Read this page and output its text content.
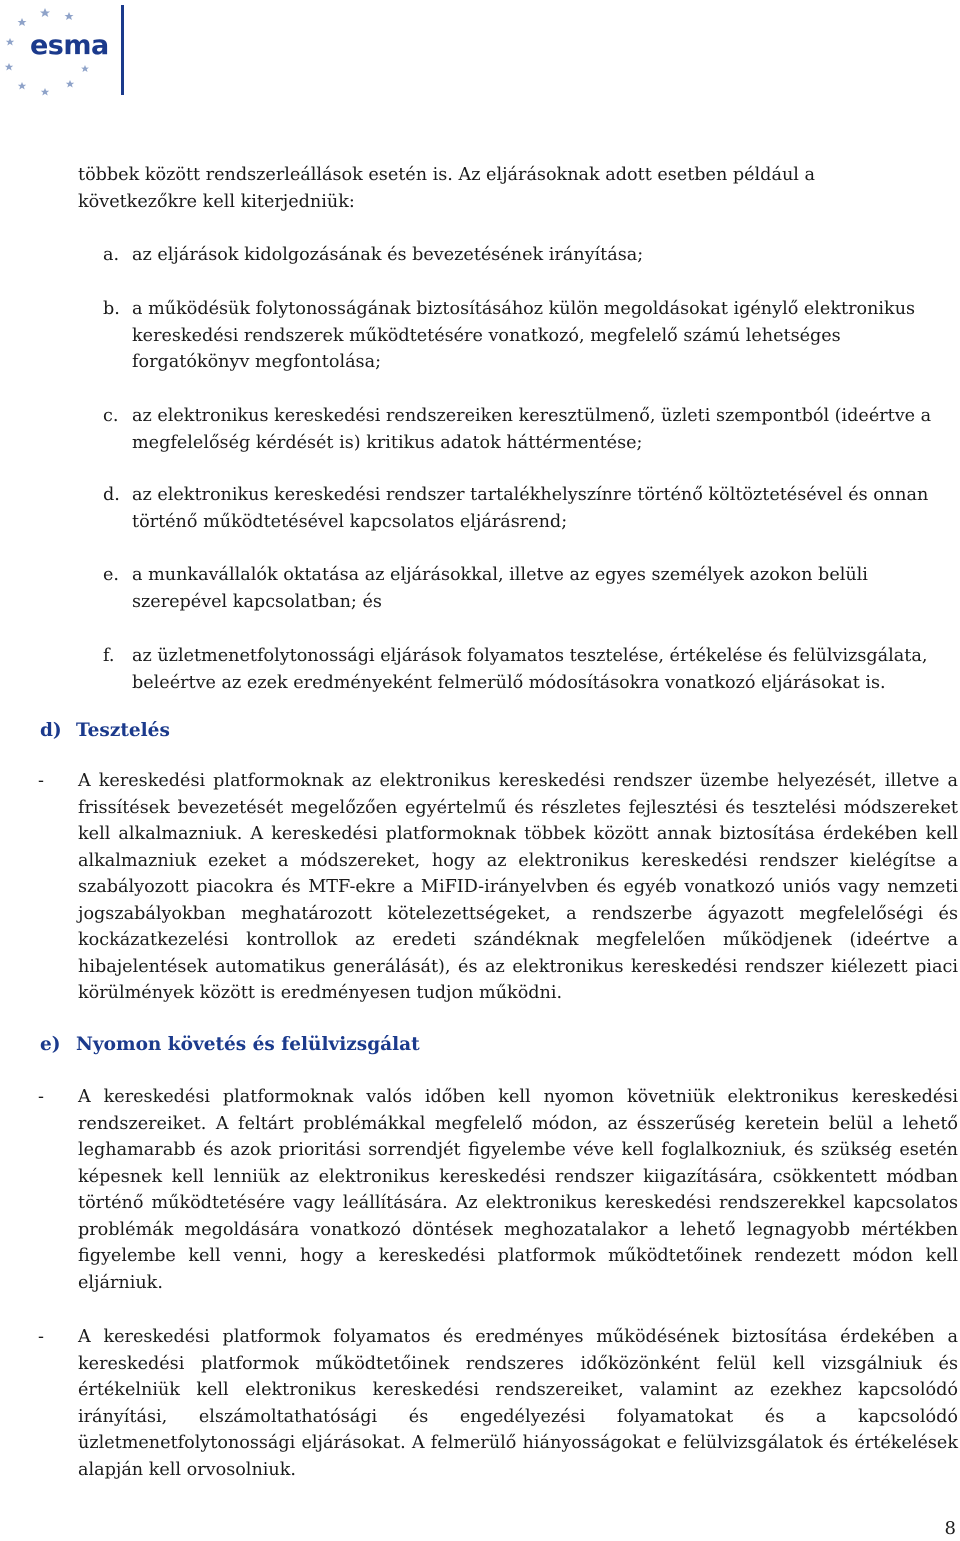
esma

többek között rendszerleállások esetén is. Az eljárásoknak adott esetben például a következőkre kell kiterjedniük:

a. az eljárások kidolgozásának és bevezetésének irányítása;
b. a működésük folytonosságának biztosításához külön megoldásokat igénylő elektronikus kereskedési rendszerek működtetésére vonatkozó, megfelelő számú lehetséges forgatókönyv megfontolása;
c. az elektronikus kereskedési rendszereiken keresztülmenő, üzleti szempontból (ideértve a megfelelőség kérdését is) kritikus adatok háttérmentése;
d. az elektronikus kereskedési rendszer tartalékhelyszínre történő költöztetésével és onnan történő működtetésével kapcsolatos eljárásrend;
e. a munkavállalók oktatása az eljárásokkal, illetve az egyes személyek azokon belüli szerepével kapcsolatban; és
f. az üzletmenetfolytonossági eljárások folyamatos tesztelése, értékelése és felülvizsgálata, beleértve az ezek eredményeként felmerülő módosításokra vonatkozó eljárásokat is.
d) Tesztelés
- A kereskedési platformoknak az elektronikus kereskedési rendszer üzembe helyezését, illetve a frissítések bevezetését megelőzően egyértelmű és részletes fejlesztési és tesztelési módszereket kell alkalmazniuk. A kereskedési platformoknak többek között annak biztosítása érdekében kell alkalmazniuk ezeket a módszereket, hogy az elektronikus kereskedési rendszer kielégítse a szabályozott piacokra és MTF-ekre a MiFID-irányelvben és egyéb vonatkozó uniós vagy nemzeti jogszabályokban meghatározott kötelezettségeket, a rendszerbe ágyazott megfelelőségi és kockázatkezelési kontrollok az eredeti szándéknak megfelelően működjenek (ideértve a hibajelentések automatikus generálását), és az elektronikus kereskedési rendszer kiélezett piaci körülmények között is eredményesen tudjon működni.
e) Nyomon követés és felülvizsgálat
- A kereskedési platformoknak valós időben kell nyomon követniük elektronikus kereskedési rendszereiket. A feltárt problémákkal megfelelő módon, az ésszerűség keretein belül a lehető leghamarabb és azok prioritási sorrendjét figyelembe véve kell foglalkozniuk, és szükség esetén képesnek kell lenniük az elektronikus kereskedési rendszer kiigazítására, csökkentett módban történő működtetésére vagy leállítására. Az elektronikus kereskedési rendszerekkel kapcsolatos problémák megoldására vonatkozó döntések meghozatalakor a lehető legnagyobb mértékben figyelembe kell venni, hogy a kereskedési platformok működtetőinek rendezett módon kell eljárniuk.
- A kereskedési platformok folyamatos és eredményes működésének biztosítása érdekében a kereskedési platformok működtetőinek rendszeres időközönként felül kell vizsgálniuk és értékelniük kell elektronikus kereskedési rendszereiket, valamint az ezekhez kapcsolódó irányítási, elszámoltathatósági és engedélyezési folyamatokat és a kapcsolódó üzletmenetfolytonossági eljárásokat. A felmerülő hiányosságokat e felülvizsgálatok és értékelések alapján kell orvosolniuk.
8
